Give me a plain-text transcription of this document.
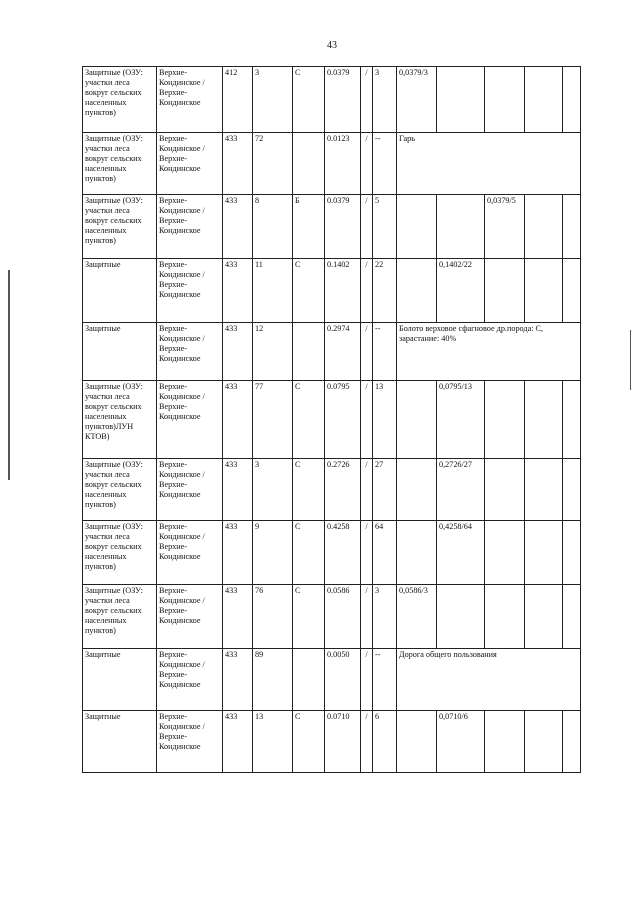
43
Защитные (ОЗУ: участки леса вокруг сельских населенных пунктов)	Верхне-Кондинское / Верхне-Кондинское	412	3	С	0.0379	/	3	0,0379/3				
Защитные (ОЗУ: участки леса вокруг сельских населенных пунктов)	Верхне-Кондинское / Верхне-Кондинское	433	72		0.0123	/	--	Гарь				
Защитные (ОЗУ: участки леса вокруг сельских населенных пунктов)	Верхне-Кондинское / Верхне-Кондинское	433	8	Б	0.0379	/	5			0,0379/5		
Защитные	Верхне-Кондинское / Верхне-Кондинское	433	11	С	0.1402	/	22		0,1402/22			
Защитные	Верхне-Кондинское / Верхне-Кондинское	433	12		0.2974	/	--	Болото верховое сфагновое др.порода: С, зарастание: 40%				
Защитные (ОЗУ: участки леса вокруг сельских населенных пунктов)ЛУН КТОВ)	Верхне-Кондинское / Верхне-Кондинское	433	77	С	0.0795	/	13		0,0795/13			
Защитные (ОЗУ: участки леса вокруг сельских населенных пунктов)	Верхне-Кондинское / Верхне-Кондинское	433	3	С	0.2726	/	27		0,2726/27			
Защитные (ОЗУ: участки леса вокруг сельских населенных пунктов)	Верхне-Кондинское / Верхне-Кондинское	433	9	С	0.4258	/	64		0,4258/64			
Защитные (ОЗУ: участки леса вокруг сельских населенных пунктов)	Верхне-Кондинское / Верхне-Кондинское	433	76	С	0.0586	/	3	0,0586/3				
Защитные	Верхне-Кондинское / Верхне-Кондинское	433	89		0.0050	/	--	Дорога общего пользования				
Защитные	Верхне-Кондинское / Верхне-Кондинское	433	13	С	0.0710	/	6		0,0710/6			
